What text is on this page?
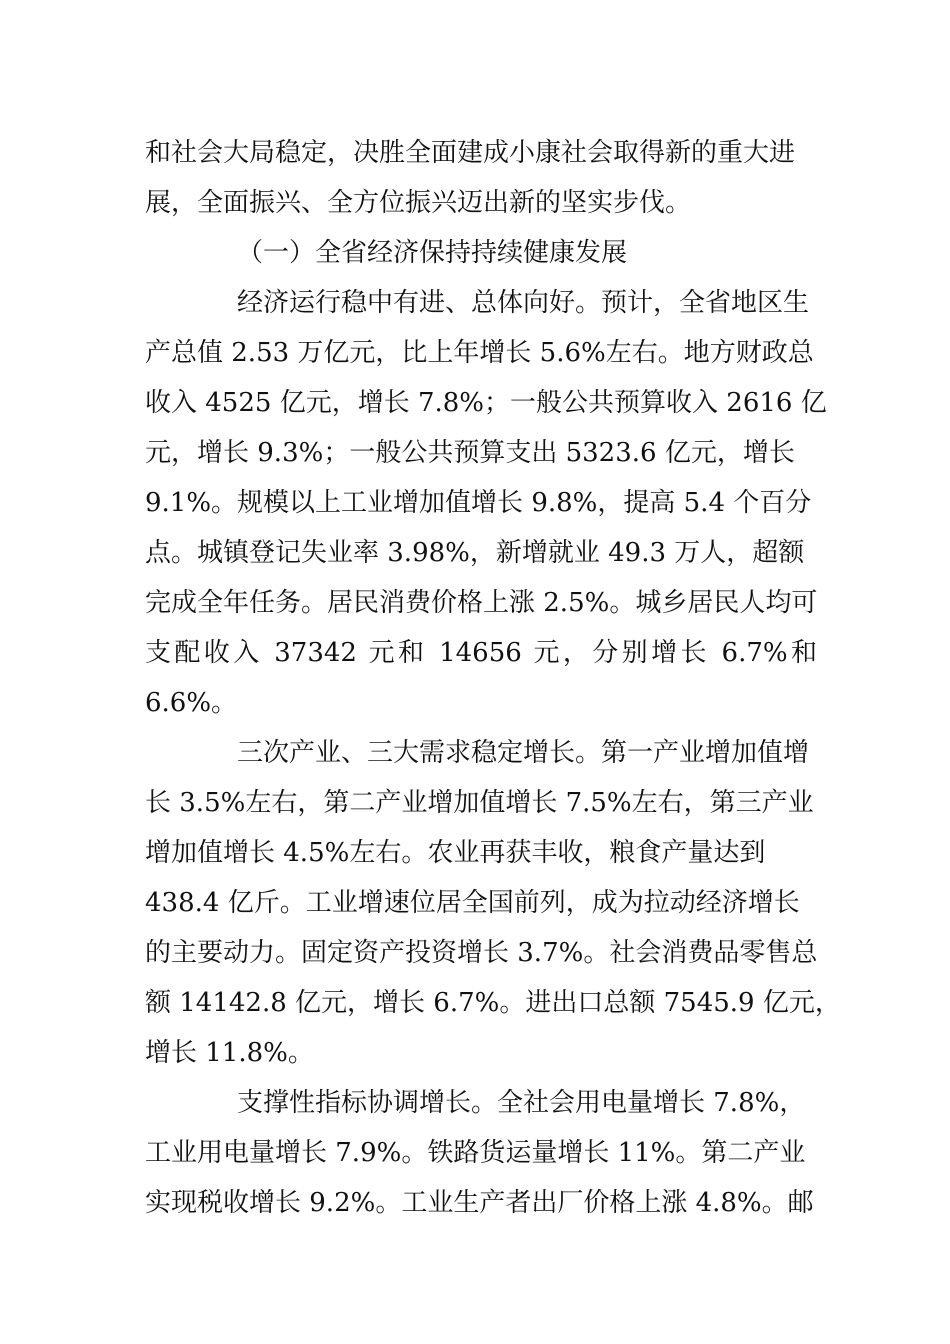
和社会大局稳定，决胜全面建成小康社会取得新的重大进
展，全面振兴、全方位振兴迈出新的坚实步伐。
（一）全省经济保持持续健康发展
经济运行稳中有进、总体向好。预计，全省地区生
产总值 2.53 万亿元，比上年增长 5.6%左右。地方财政总
收入 4525 亿元，增长 7.8%；一般公共预算收入 2616 亿
元，增长 9.3%；一般公共预算支出 5323.6 亿元，增长
9.1%。规模以上工业增加值增长 9.8%，提高 5.4 个百分
点。城镇登记失业率 3.98%，新增就业 49.3 万人，超额
完成全年任务。居民消费价格上涨 2.5%。城乡居民人均可
支配收入 37342 元和 14656 元，分别增长 6.7%和
6.6%。
三次产业、三大需求稳定增长。第一产业增加值增
长 3.5%左右，第二产业增加值增长 7.5%左右，第三产业
增加值增长 4.5%左右。农业再获丰收，粮食产量达到
438.4 亿斤。工业增速位居全国前列，成为拉动经济增长
的主要动力。固定资产投资增长 3.7%。社会消费品零售总
额 14142.8 亿元，增长 6.7%。进出口总额 7545.9 亿元，
增长 11.8%。
支撑性指标协调增长。全社会用电量增长 7.8%，
工业用电量增长 7.9%。铁路货运量增长 11%。第二产业
实现税收增长 9.2%。工业生产者出厂价格上涨 4.8%。邮
